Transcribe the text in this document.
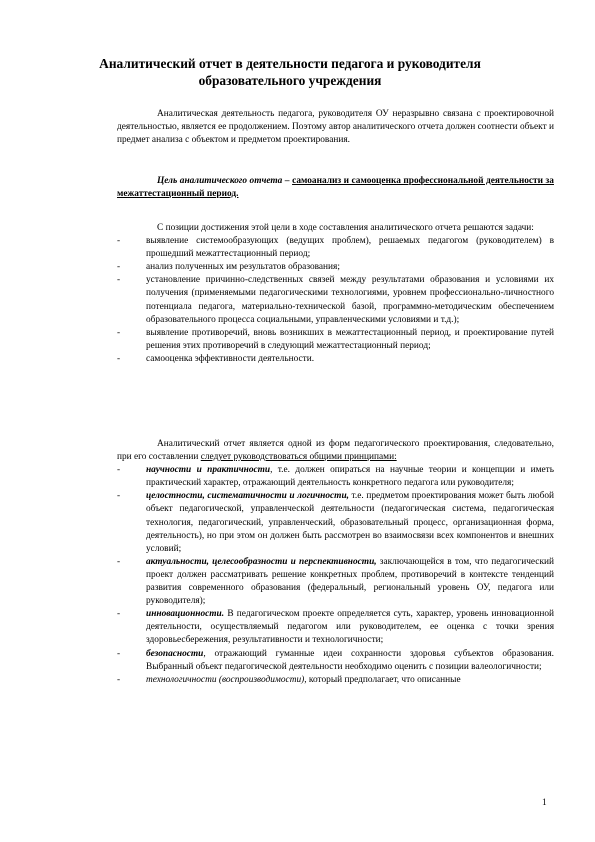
Аналитический отчет в деятельности педагога и руководителя образовательного учреждения

Аналитическая деятельность педагога, руководителя ОУ неразрывно связана с проектировочной деятельностью, является ее продолжением. Поэтому автор аналитического отчета должен соотнести объект и предмет анализа с объектом и предметом проектирования.

Цель аналитического отчета – самоанализ и самооценка профессиональной деятельности за межаттестационный период.

С позиции достижения этой цели в ходе составления аналитического отчета решаются задачи:

- выявление системообразующих (ведущих проблем), решаемых педагогом (руководителем) в прошедший межаттестационный период;
- анализ полученных им результатов образования;
- установление причинно-следственных связей между результатами образования и условиями их получения (применяемыми педагогическими технологиями, уровнем профессионально-личностного потенциала педагога, материально-технической базой, программно-методическим обеспечением образовательного процесса социальными, управленческими условиями и т.д.);
- выявление противоречий, вновь возникших в межаттестационный период, и проектирование путей решения этих противоречий в следующий межаттестационный период;
- самооценка эффективности деятельности.

Аналитический отчет является одной из форм педагогического проектирования, следовательно, при его составлении следует руководствоваться общими принципами:

- научности и практичности, т.е. должен опираться на научные теории и концепции и иметь практический характер, отражающий деятельность конкретного педагога или руководителя;
- целостности, систематичности и логичности, т.е. предметом проектирования может быть любой объект педагогической, управленческой деятельности (педагогическая система, педагогическая технология, педагогический, управленческий, образовательный процесс, организационная форма, деятельность), но при этом он должен быть рассмотрен во взаимосвязи всех компонентов и внешних условий;
- актуальности, целесообразности и перспективности, заключающейся в том, что педагогический проект должен рассматривать решение конкретных проблем, противоречий в контексте тенденций развития современного образования (федеральный, региональный уровень ОУ, педагога или руководителя);
- инновационности. В педагогическом проекте определяется суть, характер, уровень инновационной деятельности, осуществляемый педагогом или руководителем, ее оценка с точки зрения здоровьесбережения, результативности и технологичности;
- безопасности, отражающий гуманные идеи сохранности здоровья субъектов образования. Выбранный объект педагогической деятельности необходимо оценить с позиции валеологичности;
- технологичности (воспроизводимости), который предполагает, что описанные
1
